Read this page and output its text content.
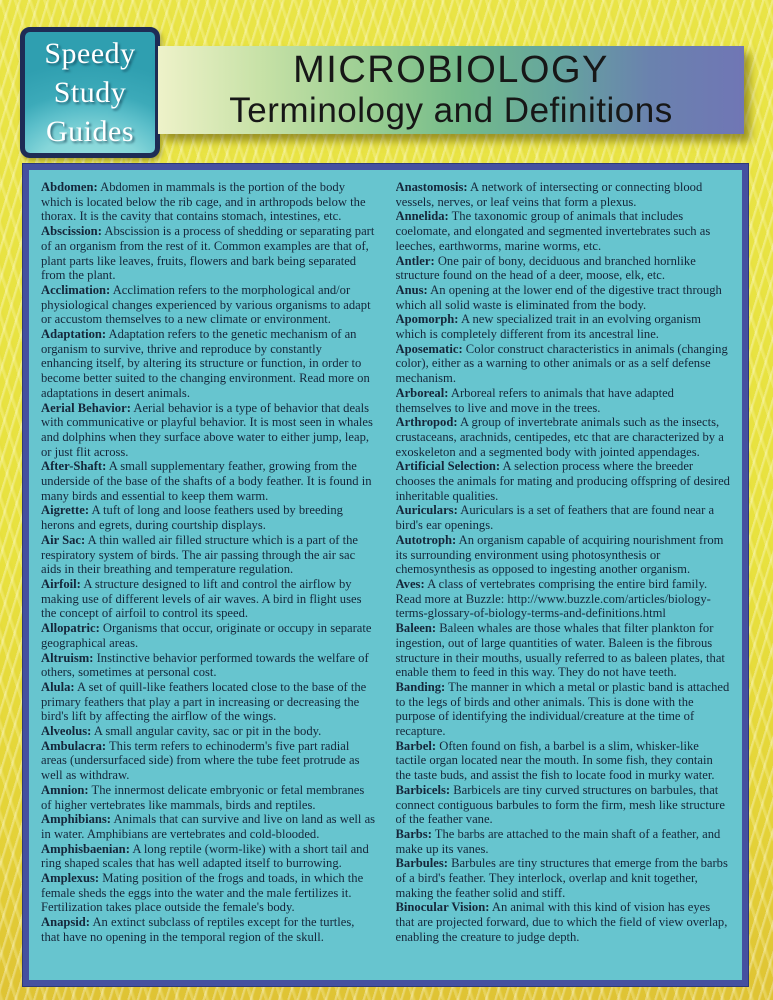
Speedy
Study
Guides
MICROBIOLOGY
Terminology and Definitions

Abdomen: Abdomen in mammals is the portion of the body which is located below the rib cage, and in arthropods below the thorax. It is the cavity that contains stomach, intestines, etc.

Abscission: Abscission is a process of shedding or separating part of an organism from the rest of it. Common examples are that of, plant parts like leaves, fruits, flowers and bark being separated from the plant.

Acclimation: Acclimation refers to the morphological and/or physiological changes experienced by various organisms to adapt or accustom themselves to a new climate or environment.

Adaptation: Adaptation refers to the genetic mechanism of an organism to survive, thrive and reproduce by constantly enhancing itself, by altering its structure or function, in order to become better suited to the changing environment. Read more on adaptations in desert animals.

Aerial Behavior: Aerial behavior is a type of behavior that deals with communicative or playful behavior. It is most seen in whales and dolphins when they surface above water to either jump, leap, or just flit across.

After-Shaft: A small supplementary feather, growing from the underside of the base of the shafts of a body feather. It is found in many birds and essential to keep them warm.

Aigrette: A tuft of long and loose feathers used by breeding herons and egrets, during courtship displays.

Air Sac: A thin walled air filled structure which is a part of the respiratory system of birds. The air passing through the air sac aids in their breathing and temperature regulation.

Airfoil: A structure designed to lift and control the airflow by making use of different levels of air waves. A bird in flight uses the concept of airfoil to control its speed.

Allopatric: Organisms that occur, originate or occupy in separate geographical areas.

Altruism: Instinctive behavior performed towards the welfare of others, sometimes at personal cost.

Alula: A set of quill-like feathers located close to the base of the primary feathers that play a part in increasing or decreasing the bird's lift by affecting the airflow of the wings.

Alveolus: A small angular cavity, sac or pit in the body.

Ambulacra: This term refers to echinoderm's five part radial areas (undersurfaced side) from where the tube feet protrude as well as withdraw.

Amnion: The innermost delicate embryonic or fetal membranes of higher vertebrates like mammals, birds and reptiles.

Amphibians: Animals that can survive and live on land as well as in water. Amphibians are vertebrates and cold-blooded.

Amphisbaenian: A long reptile (worm-like) with a short tail and ring shaped scales that has well adapted itself to burrowing.

Amplexus: Mating position of the frogs and toads, in which the female sheds the eggs into the water and the male fertilizes it. Fertilization takes place outside the female's body.

Anapsid: An extinct subclass of reptiles except for the turtles, that have no opening in the temporal region of the skull.

Anastomosis: A network of intersecting or connecting blood vessels, nerves, or leaf veins that form a plexus.

Annelida: The taxonomic group of animals that includes coelomate, and elongated and segmented invertebrates such as leeches, earthworms, marine worms, etc.

Antler: One pair of bony, deciduous and branched hornlike structure found on the head of a deer, moose, elk, etc.

Anus: An opening at the lower end of the digestive tract through which all solid waste is eliminated from the body.

Apomorph: A new specialized trait in an evolving organism which is completely different from its ancestral line.

Aposematic: Color construct characteristics in animals (changing color), either as a warning to other animals or as a self defense mechanism.

Arboreal: Arboreal refers to animals that have adapted themselves to live and move in the trees.

Arthropod: A group of invertebrate animals such as the insects, crustaceans, arachnids, centipedes, etc that are characterized by a exoskeleton and a segmented body with jointed appendages.

Artificial Selection: A selection process where the breeder chooses the animals for mating and producing offspring of desired inheritable qualities.

Auriculars: Auriculars is a set of feathers that are found near a bird's ear openings.

Autotroph: An organism capable of acquiring nourishment from its surrounding environment using photosynthesis or chemosynthesis as opposed to ingesting another organism.

Aves: A class of vertebrates comprising the entire bird family. Read more at Buzzle: http://www.buzzle.com/articles/biology-terms-glossary-of-biology-terms-and-definitions.html

Baleen: Baleen whales are those whales that filter plankton for ingestion, out of large quantities of water. Baleen is the fibrous structure in their mouths, usually referred to as baleen plates, that enable them to feed in this way. They do not have teeth.

Banding: The manner in which a metal or plastic band is attached to the legs of birds and other animals. This is done with the purpose of identifying the individual/creature at the time of recapture.

Barbel: Often found on fish, a barbel is a slim, whisker-like tactile organ located near the mouth. In some fish, they contain the taste buds, and assist the fish to locate food in murky water.

Barbicels: Barbicels are tiny curved structures on barbules, that connect contiguous barbules to form the firm, mesh like structure of the feather vane.

Barbs: The barbs are attached to the main shaft of a feather, and make up its vanes.

Barbules: Barbules are tiny structures that emerge from the barbs of a bird's feather. They interlock, overlap and knit together, making the feather solid and stiff.

Binocular Vision: An animal with this kind of vision has eyes that are projected forward, due to which the field of view overlap, enabling the creature to judge depth.
